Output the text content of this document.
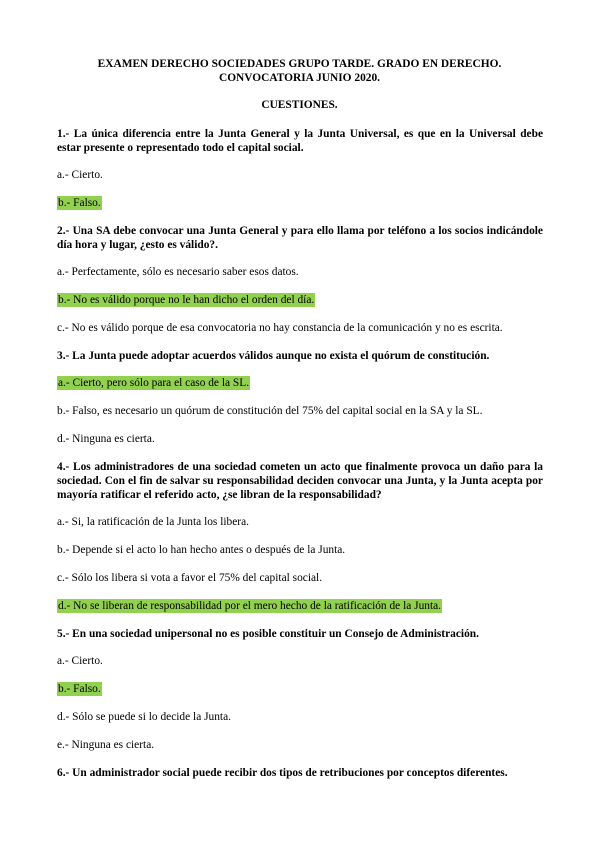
EXAMEN DERECHO SOCIEDADES GRUPO TARDE. GRADO EN DERECHO.
CONVOCATORIA JUNIO 2020.
CUESTIONES.
1.- La única diferencia entre la Junta General y la Junta Universal, es que en la Universal debe estar presente o representado todo el capital social.
a.- Cierto.
b.- Falso.
2.- Una SA debe convocar una Junta General y para ello llama por teléfono a los socios indicándole día hora y lugar, ¿esto es válido?.
a.- Perfectamente, sólo es necesario saber esos datos.
b.- No es válido porque no le han dicho el orden del día.
c.- No es válido porque de esa convocatoria no hay constancia de la comunicación y no es escrita.
3.- La Junta puede adoptar acuerdos válidos aunque no exista el quórum de constitución.
a.- Cierto, pero sólo para el caso de la SL.
b.- Falso, es necesario un quórum de constitución del 75% del capital social en la SA y la SL.
d.- Ninguna es cierta.
4.- Los administradores de una sociedad cometen un acto que finalmente provoca un daño para la sociedad. Con el fin de salvar su responsabilidad deciden convocar una Junta, y la Junta acepta por mayoría ratificar el referido acto, ¿se libran de la responsabilidad?
a.- Si, la ratificación de la Junta los libera.
b.- Depende si el acto lo han hecho antes o después de la Junta.
c.- Sólo los libera si vota a favor el 75% del capital social.
d.- No se liberan de responsabilidad por el mero hecho de la ratificación de la Junta.
5.- En una sociedad unipersonal no es posible constituir un Consejo de Administración.
a.- Cierto.
b.- Falso.
d.- Sólo se puede si lo decide la Junta.
e.- Ninguna es cierta.
6.- Un administrador social puede recibir dos tipos de retribuciones por conceptos diferentes.
